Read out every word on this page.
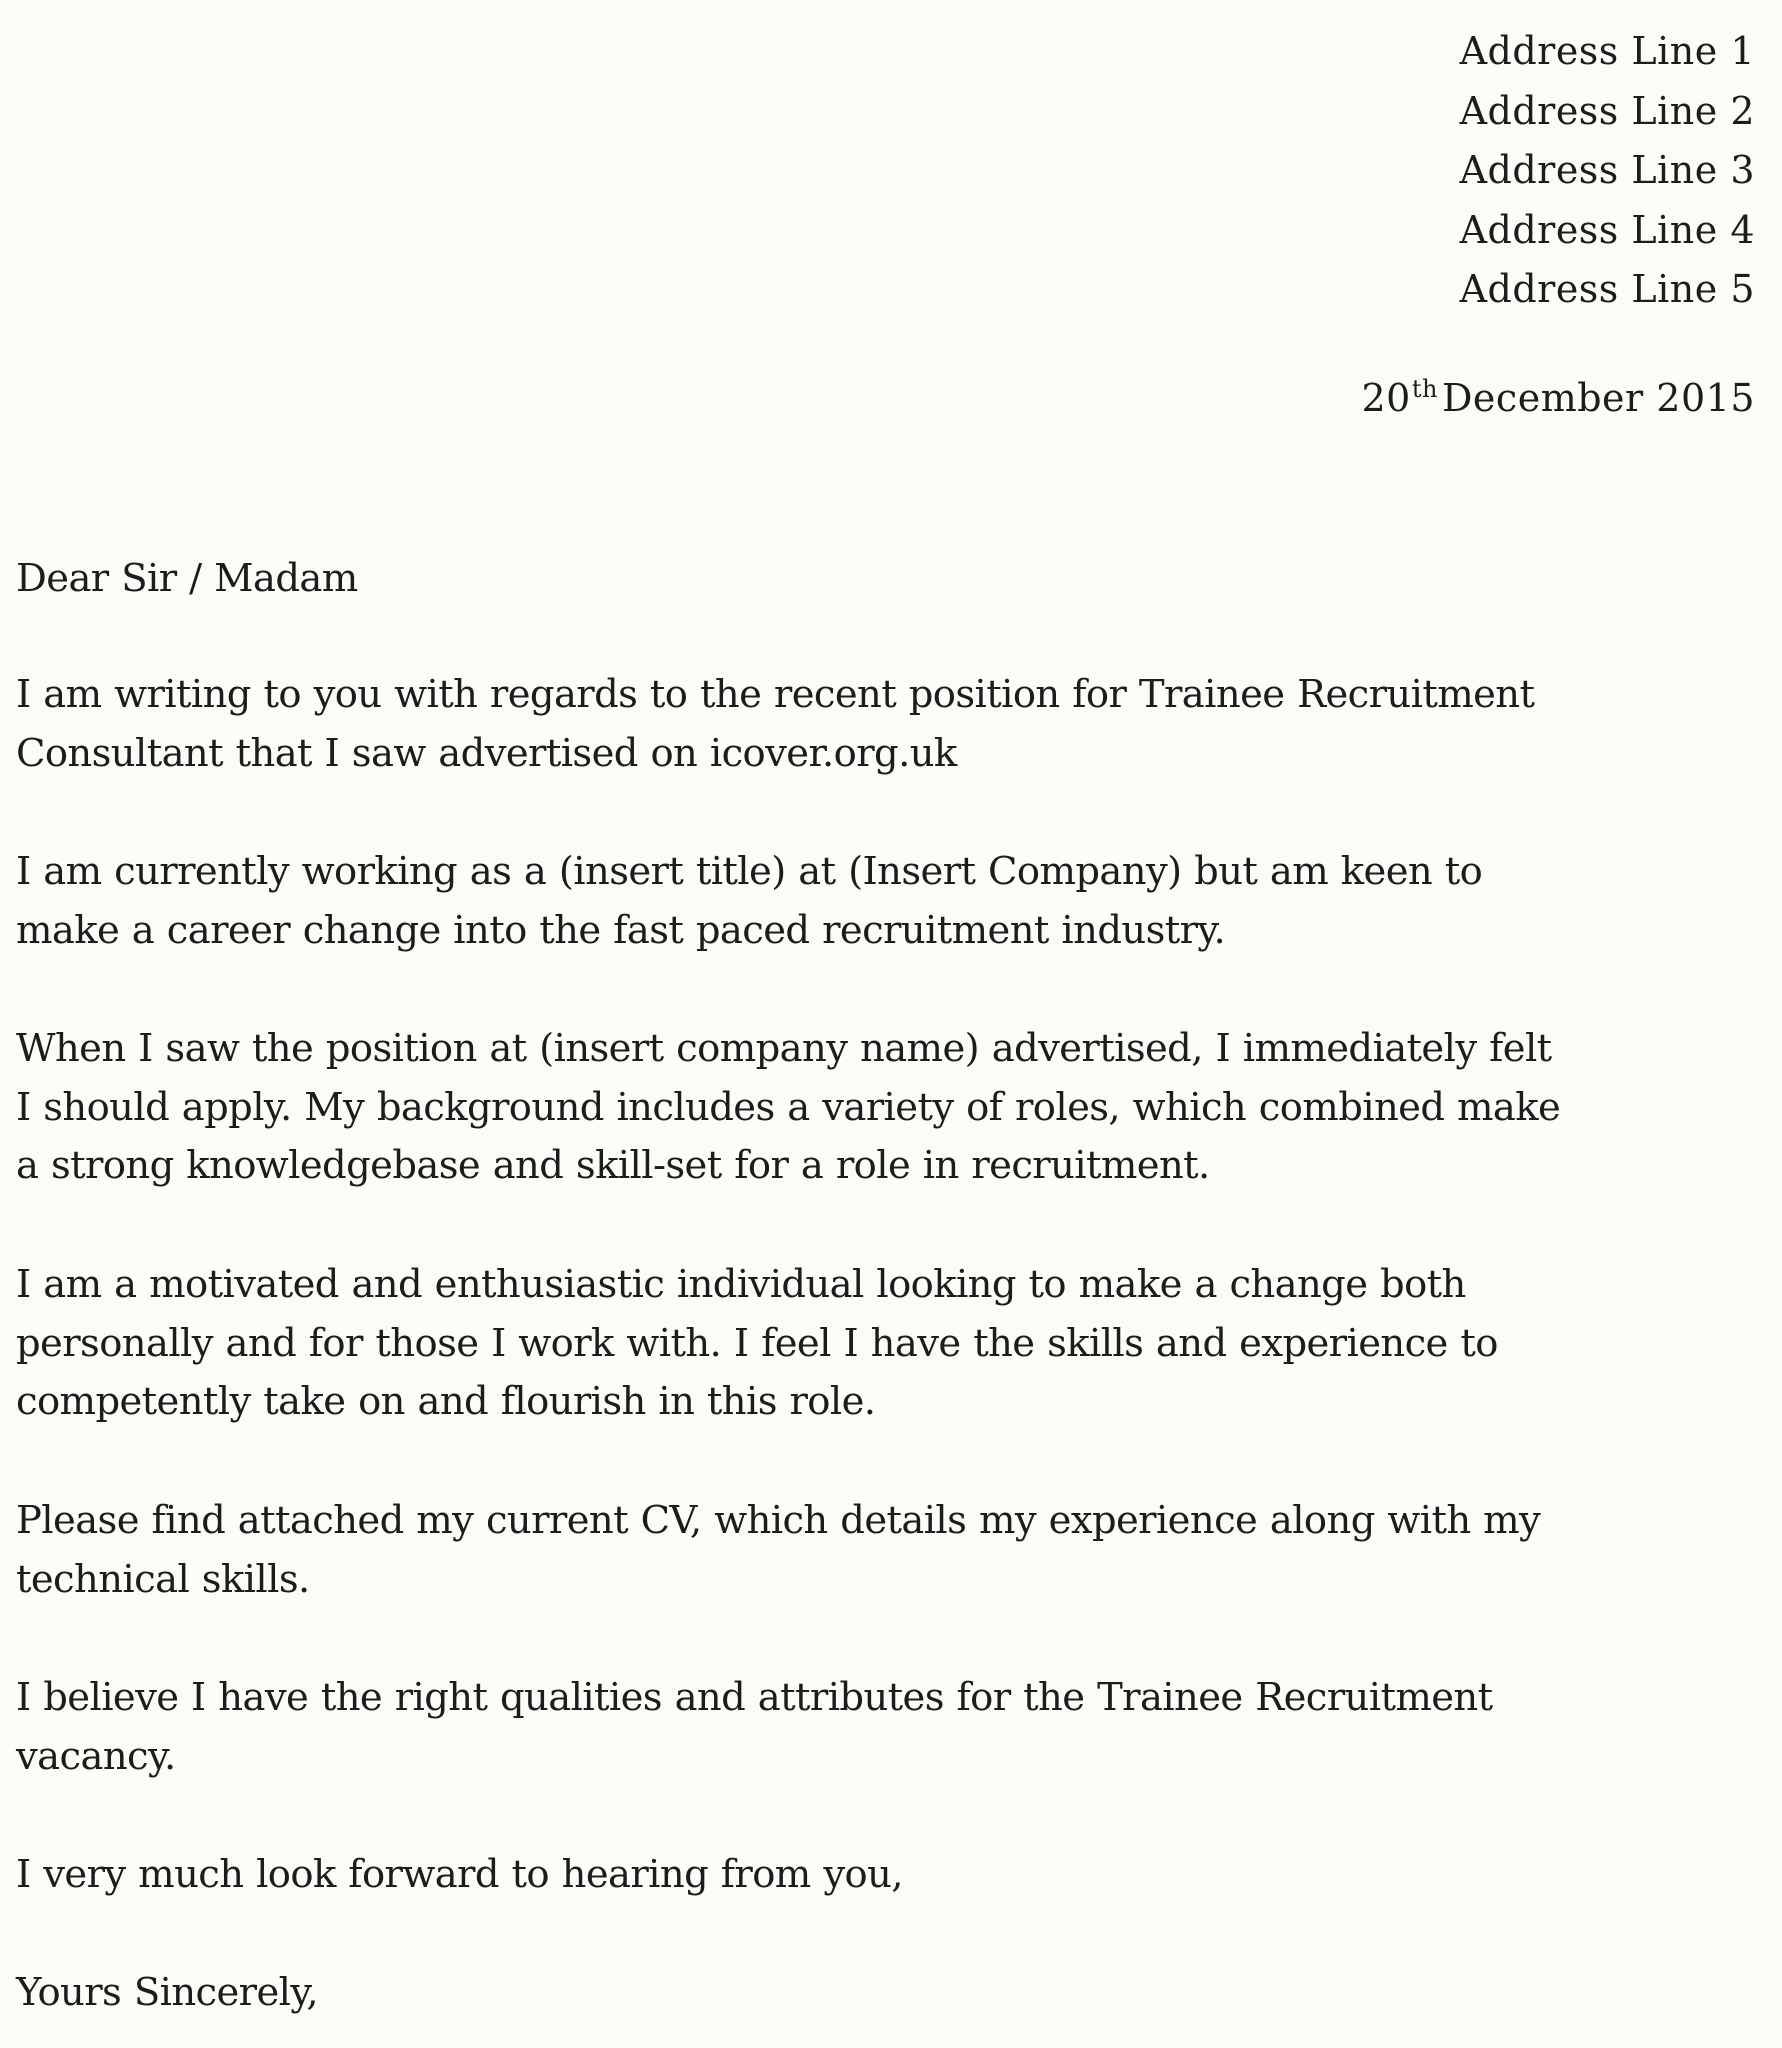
Address Line 1
Address Line 2
Address Line 3
Address Line 4
Address Line 5
20th December 2015

Dear Sir / Madam

I am writing to you with regards to the recent position for Trainee Recruitment
Consultant that I saw advertised on icover.org.uk

I am currently working as a (insert title) at (Insert Company) but am keen to
make a career change into the fast paced recruitment industry.

When I saw the position at (insert company name) advertised, I immediately felt
I should apply. My background includes a variety of roles, which combined make
a strong knowledgebase and skill-set for a role in recruitment.

I am a motivated and enthusiastic individual looking to make a change both
personally and for those I work with. I feel I have the skills and experience to
competently take on and flourish in this role.

Please find attached my current CV, which details my experience along with my
technical skills.

I believe I have the right qualities and attributes for the Trainee Recruitment
vacancy.

I very much look forward to hearing from you,

Yours Sincerely,
